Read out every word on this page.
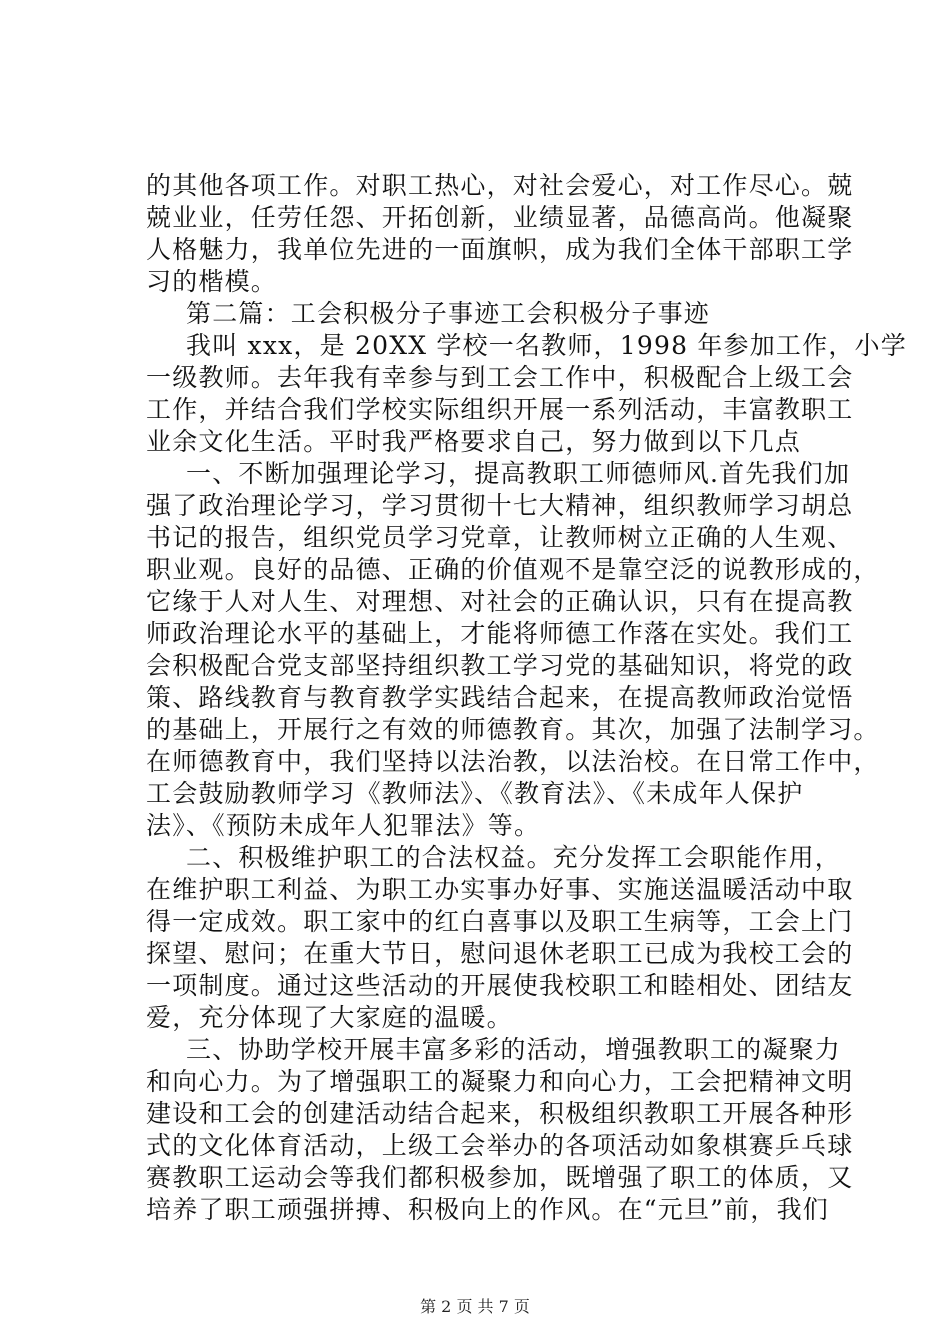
的其他各项工作。对职工热心，对社会爱心，对工作尽心。兢
兢业业，任劳任怨、开拓创新，业绩显著，品德高尚。他凝聚
人格魅力，我单位先进的一面旗帜，成为我们全体干部职工学
习的楷模。
第二篇：工会积极分子事迹工会积极分子事迹
我叫 xxx，是 20XX 学校一名教师，1998 年参加工作，小学
一级教师。去年我有幸参与到工会工作中，积极配合上级工会
工作，并结合我们学校实际组织开展一系列活动，丰富教职工
业余文化生活。平时我严格要求自己，努力做到以下几点
一、不断加强理论学习，提高教职工师德师风.首先我们加
强了政治理论学习，学习贯彻十七大精神，组织教师学习胡总
书记的报告，组织党员学习党章，让教师树立正确的人生观、
职业观。良好的品德、正确的价值观不是靠空泛的说教形成的，
它缘于人对人生、对理想、对社会的正确认识，只有在提高教
师政治理论水平的基础上，才能将师德工作落在实处。我们工
会积极配合党支部坚持组织教工学习党的基础知识，将党的政
策、路线教育与教育教学实践结合起来，在提高教师政治觉悟
的基础上，开展行之有效的师德教育。其次，加强了法制学习。
在师德教育中，我们坚持以法治教，以法治校。在日常工作中，
工会鼓励教师学习《教师法》、《教育法》、《未成年人保护
法》、《预防未成年人犯罪法》等。
二、积极维护职工的合法权益。充分发挥工会职能作用，
在维护职工利益、为职工办实事办好事、实施送温暖活动中取
得一定成效。职工家中的红白喜事以及职工生病等，工会上门
探望、慰问；在重大节日，慰问退休老职工已成为我校工会的
一项制度。通过这些活动的开展使我校职工和睦相处、团结友
爱，充分体现了大家庭的温暖。
三、协助学校开展丰富多彩的活动，增强教职工的凝聚力
和向心力。为了增强职工的凝聚力和向心力，工会把精神文明
建设和工会的创建活动结合起来，积极组织教职工开展各种形
式的文化体育活动，上级工会举办的各项活动如象棋赛乒乓球
赛教职工运动会等我们都积极参加，既增强了职工的体质，又
培养了职工顽强拼搏、积极向上的作风。在“元旦”前，我们
第 2 页 共 7 页
